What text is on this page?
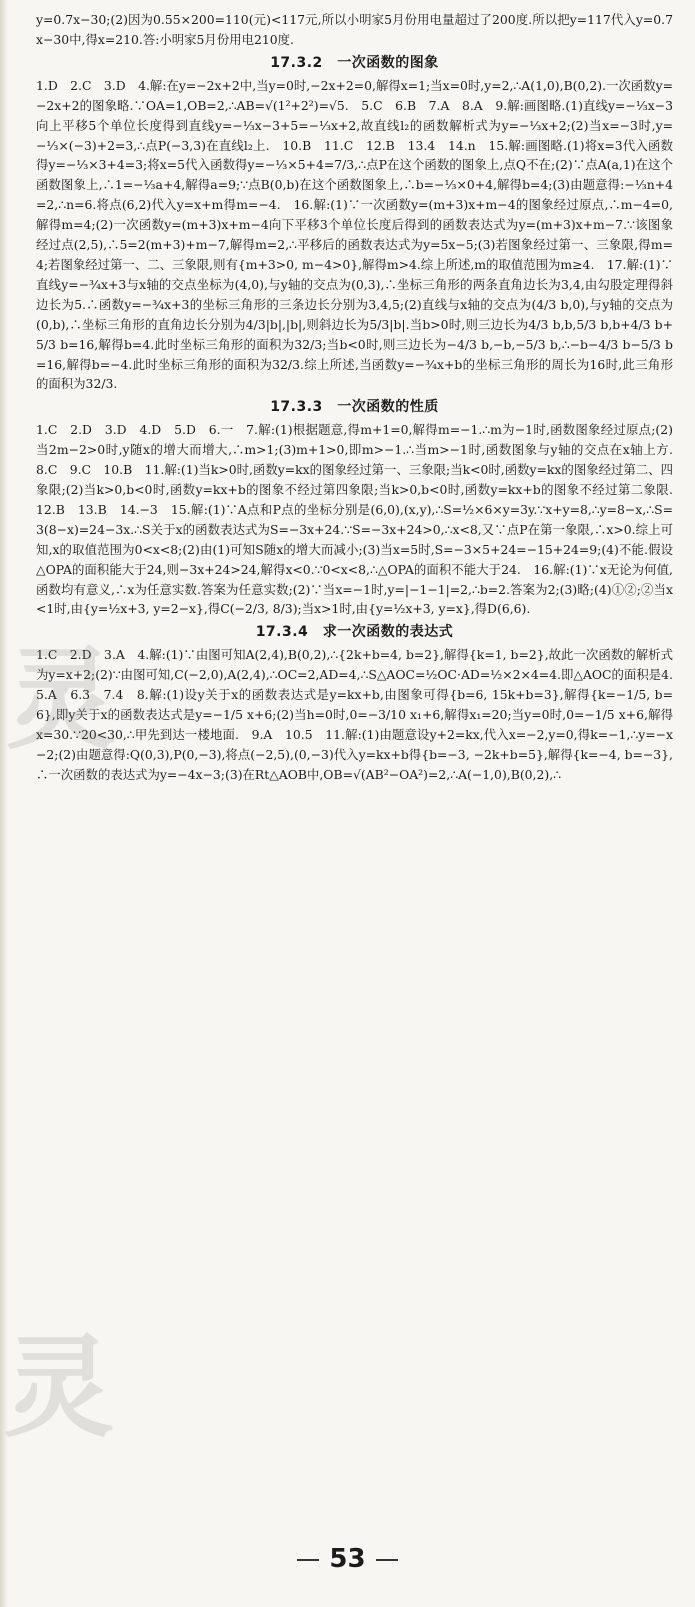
灵
灵

y=0.7x−30;(2)因为0.55×200=110(元)<117元,所以小明家5月份用电量超过了200度.所以把y=117代入y=0.7x−30中,得x=210.答:小明家5月份用电210度.

17.3.2　一次函数的图象

1.D　2.C　3.D　4.解:在y=−2x+2中,当y=0时,−2x+2=0,解得x=1;当x=0时,y=2,∴A(1,0),B(0,2).一次函数y=−2x+2的图象略.∵OA=1,OB=2,∴AB=√(1²+2²)=√5.　5.C　6.B　7.A　8.A　9.解:画图略.(1)直线y=−⅓x−3向上平移5个单位长度得到直线y=−⅓x−3+5=−⅓x+2,故直线l₂的函数解析式为y=−⅓x+2;(2)当x=−3时,y=−⅓×(−3)+2=3,∴点P(−3,3)在直线l₂上.　10.B　11.C　12.B　13.4　14.n　15.解:画图略.(1)将x=3代入函数得y=−⅓×3+4=3;将x=5代入函数得y=−⅓×5+4=7/3,∴点P在这个函数的图象上,点Q不在;(2)∵点A(a,1)在这个函数图象上,∴1=−⅓a+4,解得a=9;∵点B(0,b)在这个函数图象上,∴b=−⅓×0+4,解得b=4;(3)由题意得:−⅓n+4=2,∴n=6.将点(6,2)代入y=x+m得m=−4.　16.解:(1)∵一次函数y=(m+3)x+m−4的图象经过原点,∴m−4=0,解得m=4;(2)一次函数y=(m+3)x+m−4向下平移3个单位长度后得到的函数表达式为y=(m+3)x+m−7.∵该图象经过点(2,5),∴5=2(m+3)+m−7,解得m=2,∴平移后的函数表达式为y=5x−5;(3)若图象经过第一、三象限,得m=4;若图象经过第一、二、三象限,则有{m+3>0, m−4>0},解得m>4.综上所述,m的取值范围为m≥4.　17.解:(1)∵直线y=−¾x+3与x轴的交点坐标为(4,0),与y轴的交点为(0,3),∴坐标三角形的两条直角边长为3,4,由勾股定理得斜边长为5.∴函数y=−¾x+3的坐标三角形的三条边长分别为3,4,5;(2)直线与x轴的交点为(4/3 b,0),与y轴的交点为(0,b),∴坐标三角形的直角边长分别为4/3|b|,|b|,则斜边长为5/3|b|.当b>0时,则三边长为4/3 b,b,5/3 b,b+4/3 b+5/3 b=16,解得b=4.此时坐标三角形的面积为32/3;当b<0时,则三边长为−4/3 b,−b,−5/3 b,∴−b−4/3 b−5/3 b=16,解得b=−4.此时坐标三角形的面积为32/3.综上所述,当函数y=−¾x+b的坐标三角形的周长为16时,此三角形的面积为32/3.

17.3.3　一次函数的性质

1.C　2.D　3.D　4.D　5.D　6.一　7.解:(1)根据题意,得m+1=0,解得m=−1.∴m为−1时,函数图象经过原点;(2)当2m−2>0时,y随x的增大而增大,∴m>1;(3)m+1>0,即m>−1.∴当m>−1时,函数图象与y轴的交点在x轴上方.　8.C　9.C　10.B　11.解:(1)当k>0时,函数y=kx的图象经过第一、三象限;当k<0时,函数y=kx的图象经过第二、四象限;(2)当k>0,b<0时,函数y=kx+b的图象不经过第四象限;当k>0,b<0时,函数y=kx+b的图象不经过第二象限.　12.B　13.B　14.−3　15.解:(1)∵A点和P点的坐标分别是(6,0),(x,y),∴S=½×6×y=3y.∵x+y=8,∴y=8−x,∴S=3(8−x)=24−3x.∴S关于x的函数表达式为S=−3x+24.∵S=−3x+24>0,∴x<8,又∵点P在第一象限,∴x>0.综上可知,x的取值范围为0<x<8;(2)由(1)可知S随x的增大而减小;(3)当x=5时,S=−3×5+24=−15+24=9;(4)不能.假设△OPA的面积能大于24,则−3x+24>24,解得x<0.∵0<x<8,∴△OPA的面积不能大于24.　16.解:(1)∵x无论为何值,函数均有意义,∴x为任意实数.答案为任意实数;(2)∵当x=−1时,y=|−1−1|=2,∴b=2.答案为2;(3)略;(4)①②;②当x<1时,由{y=½x+3, y=2−x},得C(−2/3, 8/3);当x>1时,由{y=½x+3, y=x},得D(6,6).

17.3.4　求一次函数的表达式

1.C　2.D　3.A　4.解:(1)∵由图可知A(2,4),B(0,2),∴{2k+b=4, b=2},解得{k=1, b=2},故此一次函数的解析式为y=x+2;(2)∵由图可知,C(−2,0),A(2,4),∴OC=2,AD=4,∴S△AOC=½OC·AD=½×2×4=4.即△AOC的面积是4.　5.A　6.3　7.4　8.解:(1)设y关于x的函数表达式是y=kx+b,由图象可得{b=6, 15k+b=3},解得{k=−1/5, b=6},即y关于x的函数表达式是y=−1/5 x+6;(2)当h=0时,0=−3/10 x₁+6,解得x₁=20;当y=0时,0=−1/5 x+6,解得x=30.∵20<30,∴甲先到达一楼地面.　9.A　10.5　11.解:(1)由题意设y+2=kx,代入x=−2,y=0,得k=−1,∴y=−x−2;(2)由题意得:Q(0,3),P(0,−3),将点(−2,5),(0,−3)代入y=kx+b得{b=−3, −2k+b=5},解得{k=−4, b=−3},∴一次函数的表达式为y=−4x−3;(3)在Rt△AOB中,OB=√(AB²−OA²)=2,∴A(−1,0),B(0,2),∴

53
